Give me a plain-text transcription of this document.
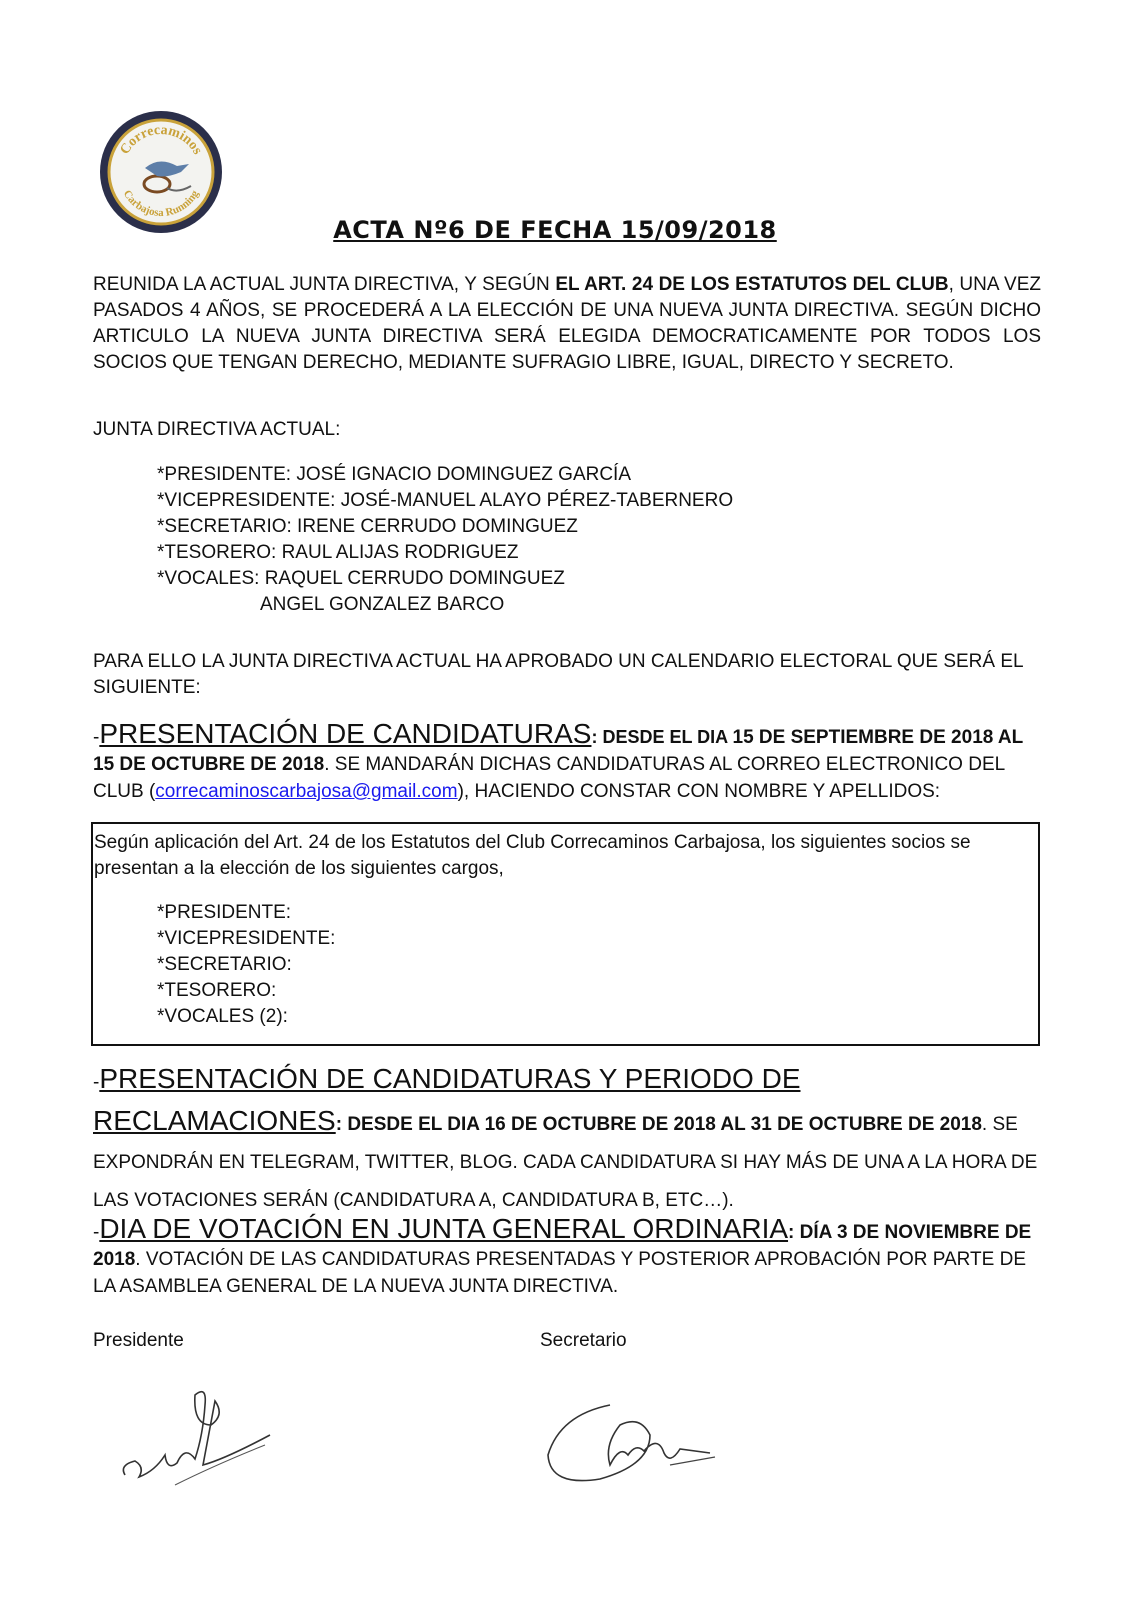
Correcaminos
Carbajosa Running
ACTA Nº6 DE FECHA 15/09/2018
REUNIDA LA ACTUAL JUNTA DIRECTIVA, Y SEGÚN EL ART. 24 DE LOS ESTATUTOS DEL CLUB, UNA VEZ PASADOS 4 AÑOS, SE PROCEDERÁ A LA ELECCIÓN DE UNA NUEVA JUNTA DIRECTIVA. SEGÚN DICHO ARTICULO LA NUEVA JUNTA DIRECTIVA SERÁ ELEGIDA DEMOCRATICAMENTE POR TODOS LOS SOCIOS QUE TENGAN DERECHO, MEDIANTE SUFRAGIO LIBRE, IGUAL, DIRECTO Y SECRETO.
JUNTA DIRECTIVA ACTUAL:
*PRESIDENTE: JOSÉ IGNACIO DOMINGUEZ GARCÍA
*VICEPRESIDENTE: JOSÉ-MANUEL ALAYO PÉREZ-TABERNERO
*SECRETARIO: IRENE CERRUDO DOMINGUEZ
*TESORERO: RAUL ALIJAS RODRIGUEZ
*VOCALES: RAQUEL CERRUDO DOMINGUEZ
ANGEL GONZALEZ BARCO
PARA ELLO LA JUNTA DIRECTIVA ACTUAL HA APROBADO UN CALENDARIO ELECTORAL QUE SERÁ EL SIGUIENTE:
-PRESENTACIÓN DE CANDIDATURAS: DESDE EL DIA 15 DE SEPTIEMBRE DE 2018 AL 15 DE OCTUBRE DE 2018. SE MANDARÁN DICHAS CANDIDATURAS AL CORREO ELECTRONICO DEL CLUB (correcaminoscarbajosa@gmail.com), HACIENDO CONSTAR CON NOMBRE Y APELLIDOS:
Según aplicación del Art. 24 de los Estatutos del Club Correcaminos Carbajosa, los siguientes socios se presentan a la elección de los siguientes cargos,
*PRESIDENTE:
*VICEPRESIDENTE:
*SECRETARIO:
*TESORERO:
*VOCALES (2):
-PRESENTACIÓN DE CANDIDATURAS Y PERIODO DE RECLAMACIONES: DESDE EL DIA 16 DE OCTUBRE DE 2018 AL 31 DE OCTUBRE DE 2018. SE EXPONDRÁN EN TELEGRAM, TWITTER, BLOG. CADA CANDIDATURA SI HAY MÁS DE UNA A LA HORA DE LAS VOTACIONES SERÁN (CANDIDATURA A, CANDIDATURA B, ETC…).
-DIA DE VOTACIÓN EN JUNTA GENERAL ORDINARIA: DÍA 3 DE NOVIEMBRE DE 2018. VOTACIÓN DE LAS CANDIDATURAS PRESENTADAS Y POSTERIOR APROBACIÓN POR PARTE DE LA ASAMBLEA GENERAL DE LA NUEVA JUNTA DIRECTIVA.
Presidente	Secretario
